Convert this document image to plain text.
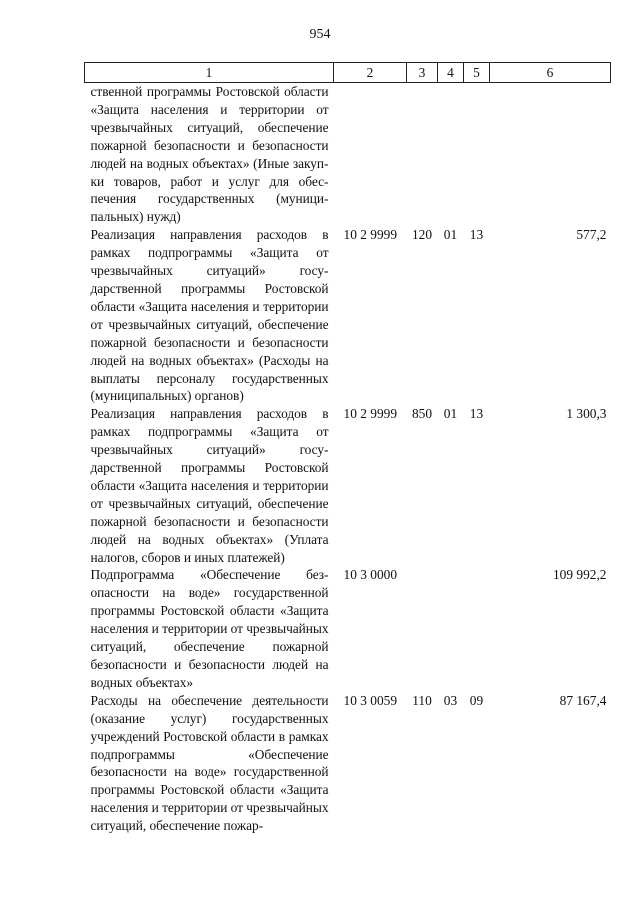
954
1	2	3	4	5	6
ственной программы Ростовской области «Защита населения и территории от чрезвычайных ситуаций, обеспечение пожарной безопасности и безопасности людей на водных объектах» (Иные закупки товаров, работ и услуг для обеспечения государственных (муниципальных) нужд)					
Реализация направления расходов в рамках подпрограммы «Защита от чрезвычайных ситуаций» государственной программы Ростовской области «Защита населения и территории от чрезвычайных ситуаций, обеспечение пожарной безопасности и безопасности людей на водных объектах» (Расходы на выплаты персоналу государственных (муниципальных) органов)	10 2 9999	120	01	13	577,2
Реализация направления расходов в рамках подпрограммы «Защита от чрезвычайных ситуаций» государственной программы Ростовской области «Защита населения и территории от чрезвычайных ситуаций, обеспечение пожарной безопасности и безопасности людей на водных объектах» (Уплата налогов, сборов и иных платежей)	10 2 9999	850	01	13	1 300,3
Подпрограмма «Обеспечение безопасности на воде» государственной программы Ростовской области «Защита населения и территории от чрезвычайных ситуаций, обеспечение пожарной безопасности и безопасности людей на водных объектах»	10 3 0000				109 992,2
Расходы на обеспечение деятельности (оказание услуг) государственных учреждений Ростовской области в рамках подпрограммы «Обеспечение безопасности на воде» государственной программы Ростовской области «Защита населения и территории от чрезвычайных ситуаций, обеспечение пожар-	10 3 0059	110	03	09	87 167,4
